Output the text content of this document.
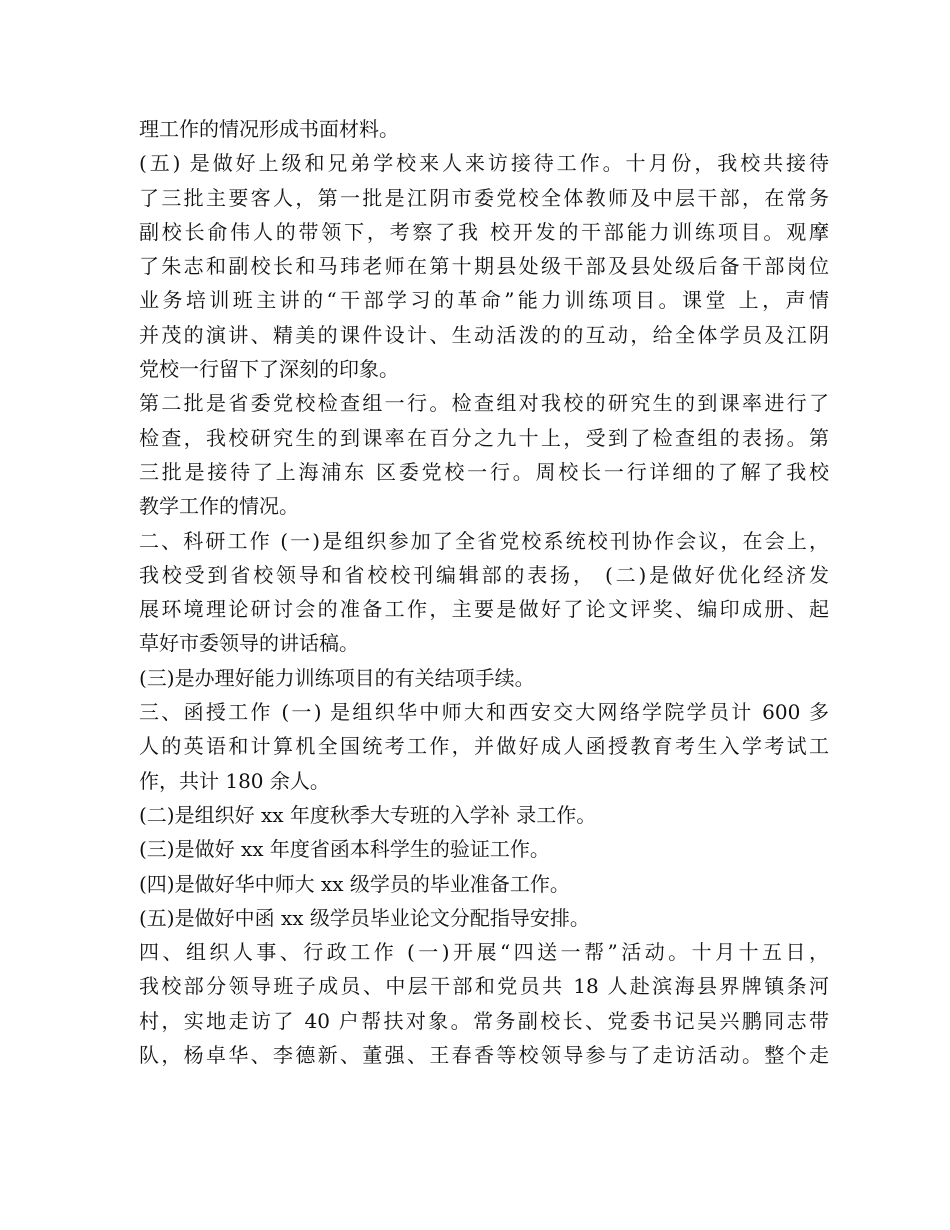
理工作的情况形成书面材料。
(五) 是做好上级和兄弟学校来人来访接待工作。十月份，我校共接待
了三批主要客人，第一批是江阴市委党校全体教师及中层干部，在常务
副校长俞伟人的带领下，考察了我 校开发的干部能力训练项目。观摩
了朱志和副校长和马玮老师在第十期县处级干部及县处级后备干部岗位
业务培训班主讲的“干部学习的革命”能力训练项目。课堂 上，声情
并茂的演讲、精美的课件设计、生动活泼的的互动，给全体学员及江阴
党校一行留下了深刻的印象。
第二批是省委党校检查组一行。检查组对我校的研究生的到课率进行了
检查，我校研究生的到课率在百分之九十上，受到了检查组的表扬。第
三批是接待了上海浦东 区委党校一行。周校长一行详细的了解了我校
教学工作的情况。
二、科研工作 (一)是组织参加了全省党校系统校刊协作会议，在会上，
我校受到省校领导和省校校刊编辑部的表扬， (二)是做好优化经济发
展环境理论研讨会的准备工作，主要是做好了论文评奖、编印成册、起
草好市委领导的讲话稿。
(三)是办理好能力训练项目的有关结项手续。
三、函授工作 (一) 是组织华中师大和西安交大网络学院学员计 600 多
人的英语和计算机全国统考工作，并做好成人函授教育考生入学考试工
作，共计 180 余人。
(二)是组织好 xx 年度秋季大专班的入学补 录工作。
(三)是做好 xx 年度省函本科学生的验证工作。
(四)是做好华中师大 xx 级学员的毕业准备工作。
(五)是做好中函 xx 级学员毕业论文分配指导安排。
四、组织人事、行政工作 (一)开展“四送一帮”活动。十月十五日，
我校部分领导班子成员、中层干部和党员共 18 人赴滨海县界牌镇条河
村，实地走访了 40 户帮扶对象。常务副校长、党委书记吴兴鹏同志带
队，杨卓华、李德新、董强、王春香等校领导参与了走访活动。整个走
